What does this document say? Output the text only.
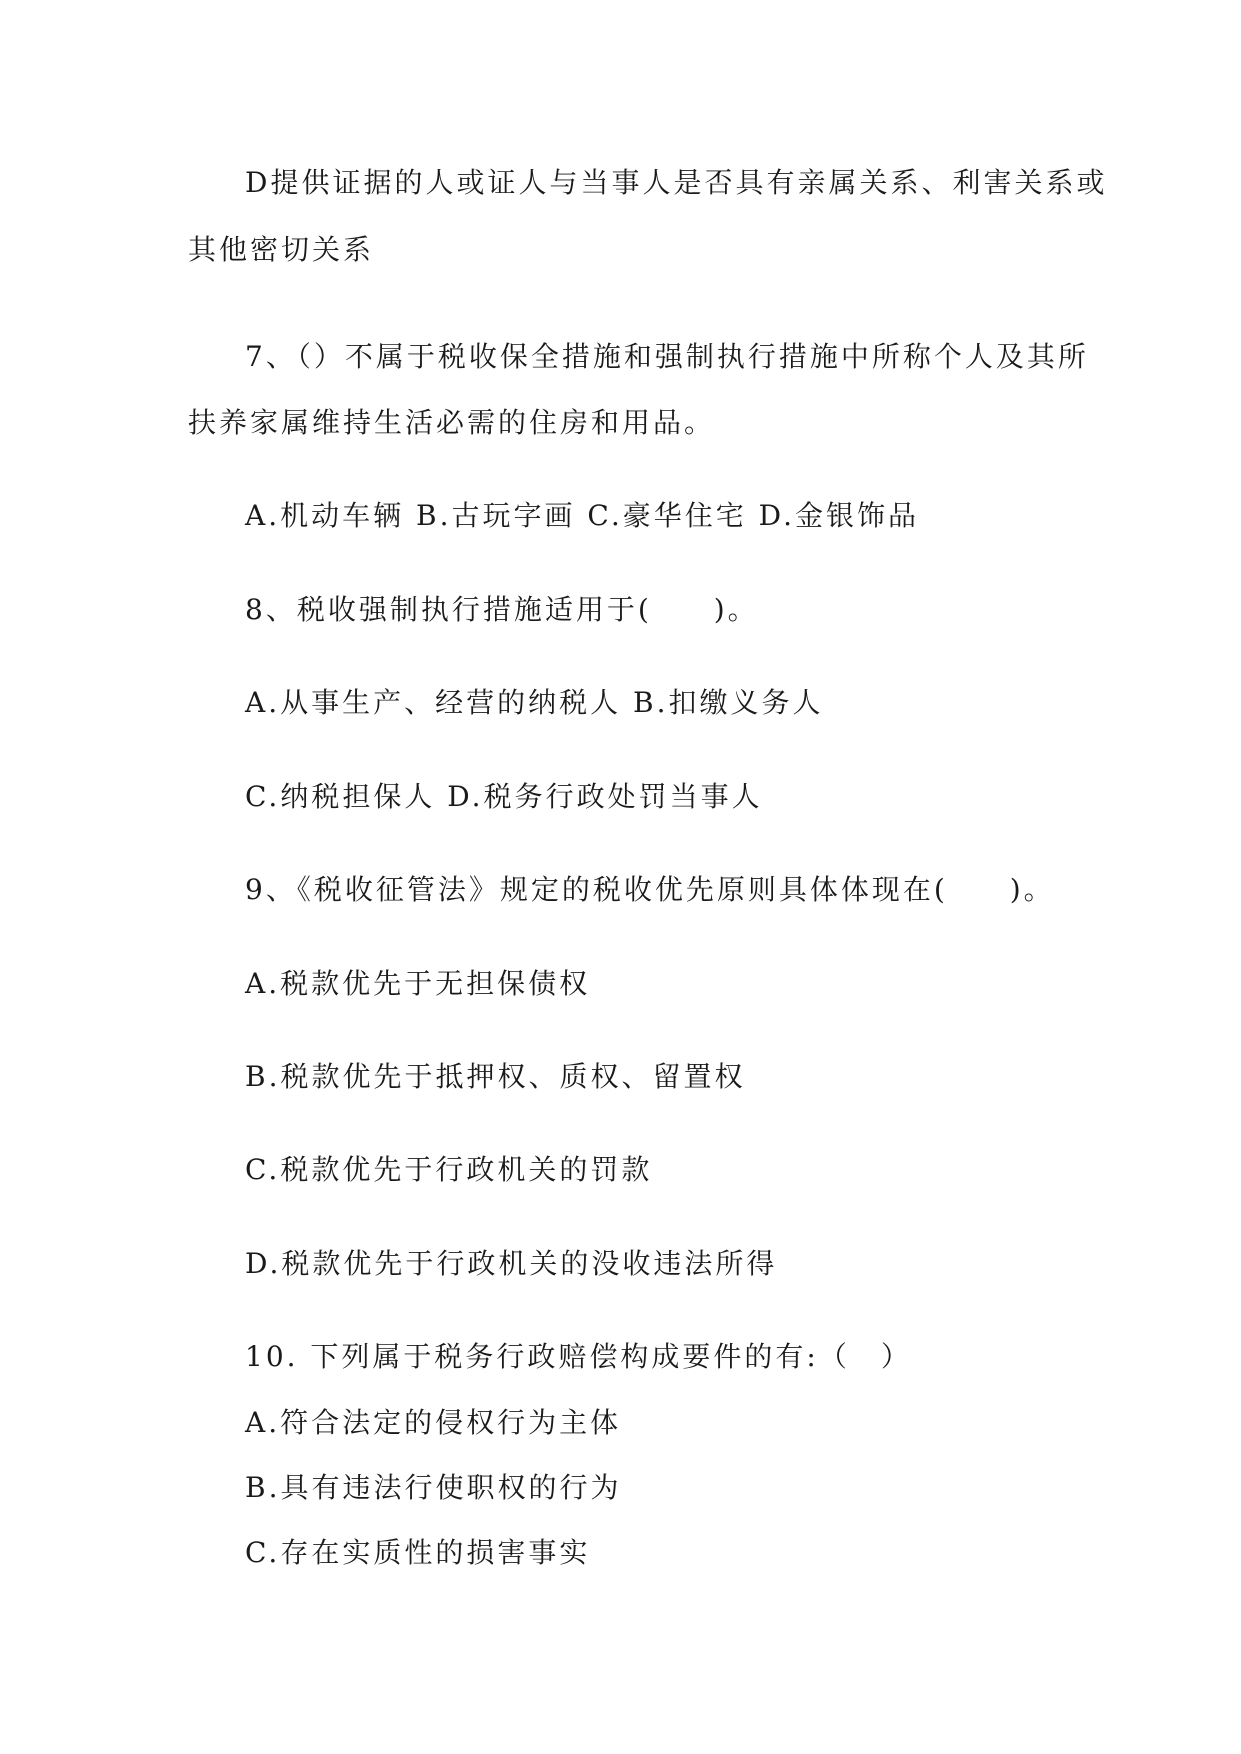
D提供证据的人或证人与当事人是否具有亲属关系、利害关系或
其他密切关系
7、（）不属于税收保全措施和强制执行措施中所称个人及其所
扶养家属维持生活必需的住房和用品。
A.机动车辆 B.古玩字画 C.豪华住宅 D.金银饰品
8、税收强制执行措施适用于(　　)。
A.从事生产、经营的纳税人 B.扣缴义务人
C.纳税担保人 D.税务行政处罚当事人
9、《税收征管法》规定的税收优先原则具体体现在(　　)。
A.税款优先于无担保债权
B.税款优先于抵押权、质权、留置权
C.税款优先于行政机关的罚款
D.税款优先于行政机关的没收违法所得
10. 下列属于税务行政赔偿构成要件的有:（　）
A.符合法定的侵权行为主体
B.具有违法行使职权的行为
C.存在实质性的损害事实
